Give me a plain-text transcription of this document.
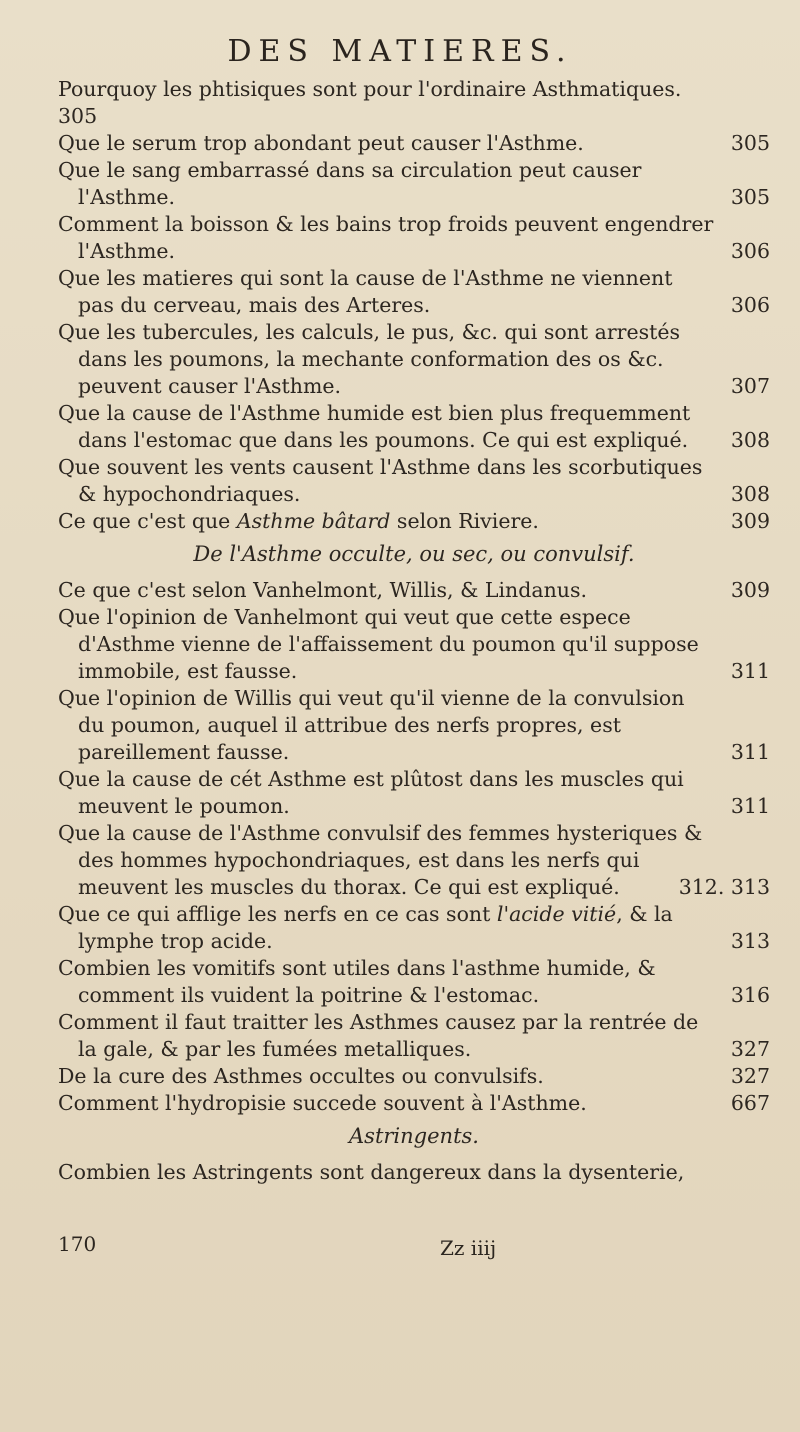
DES MATIERES.
Pourquoy les phtisiques sont pour l'ordinaire Asthmatiques.
305
Que le serum trop abondant peut causer l'Asthme.	305
Que le sang embarrassé dans sa circulation peut causer l'Asthme.	305
Comment la boisson & les bains trop froids peuvent engendrer l'Asthme.	306
Que les matieres qui sont la cause de l'Asthme ne viennent pas du cerveau, mais des Arteres.	306
Que les tubercules, les calculs, le pus, &c. qui sont arrestés dans les poumons, la mechante conformation des os &c. peuvent causer l'Asthme.	307
Que la cause de l'Asthme humide est bien plus frequemment dans l'estomac que dans les poumons. Ce qui est expliqué. 308
Que souvent les vents causent l'Asthme dans les scorbutiques & hypochondriaques.	308
Ce que c'est que Asthme bâtard selon Riviere.	309
De l'Asthme occulte, ou sec, ou convulsif.
Ce que c'est selon Vanhelmont, Willis, & Lindanus.	309
Que l'opinion de Vanhelmont qui veut que cette espece d'Asthme vienne de l'affaissement du poumon qu'il suppose immobile, est fausse.	311
Que l'opinion de Willis qui veut qu'il vienne de la convulsion du poumon, auquel il attribue des nerfs propres, est pareillement fausse.	311
Que la cause de cét Asthme est plûtost dans les muscles qui meuvent le poumon.	311
Que la cause de l'Asthme convulsif des femmes hysteriques & des hommes hypochondriaques, est dans les nerfs qui meuvent les muscles du thorax. Ce qui est expliqué.	312. 313
Que ce qui afflige les nerfs en ce cas sont l'acide vitié, & la lymphe trop acide.	313
Combien les vomitifs sont utiles dans l'asthme humide, & comment ils vuident la poitrine & l'estomac.	316
Comment il faut traitter les Asthmes causez par la rentrée de la gale, & par les fumées metalliques.	327
De la cure des Asthmes occultes ou convulsifs.	327
Comment l'hydropisie succede souvent à l'Asthme.	667
Astringents.
Combien les Astringents sont dangereux dans la dysenterie,
170	Zz iiij
